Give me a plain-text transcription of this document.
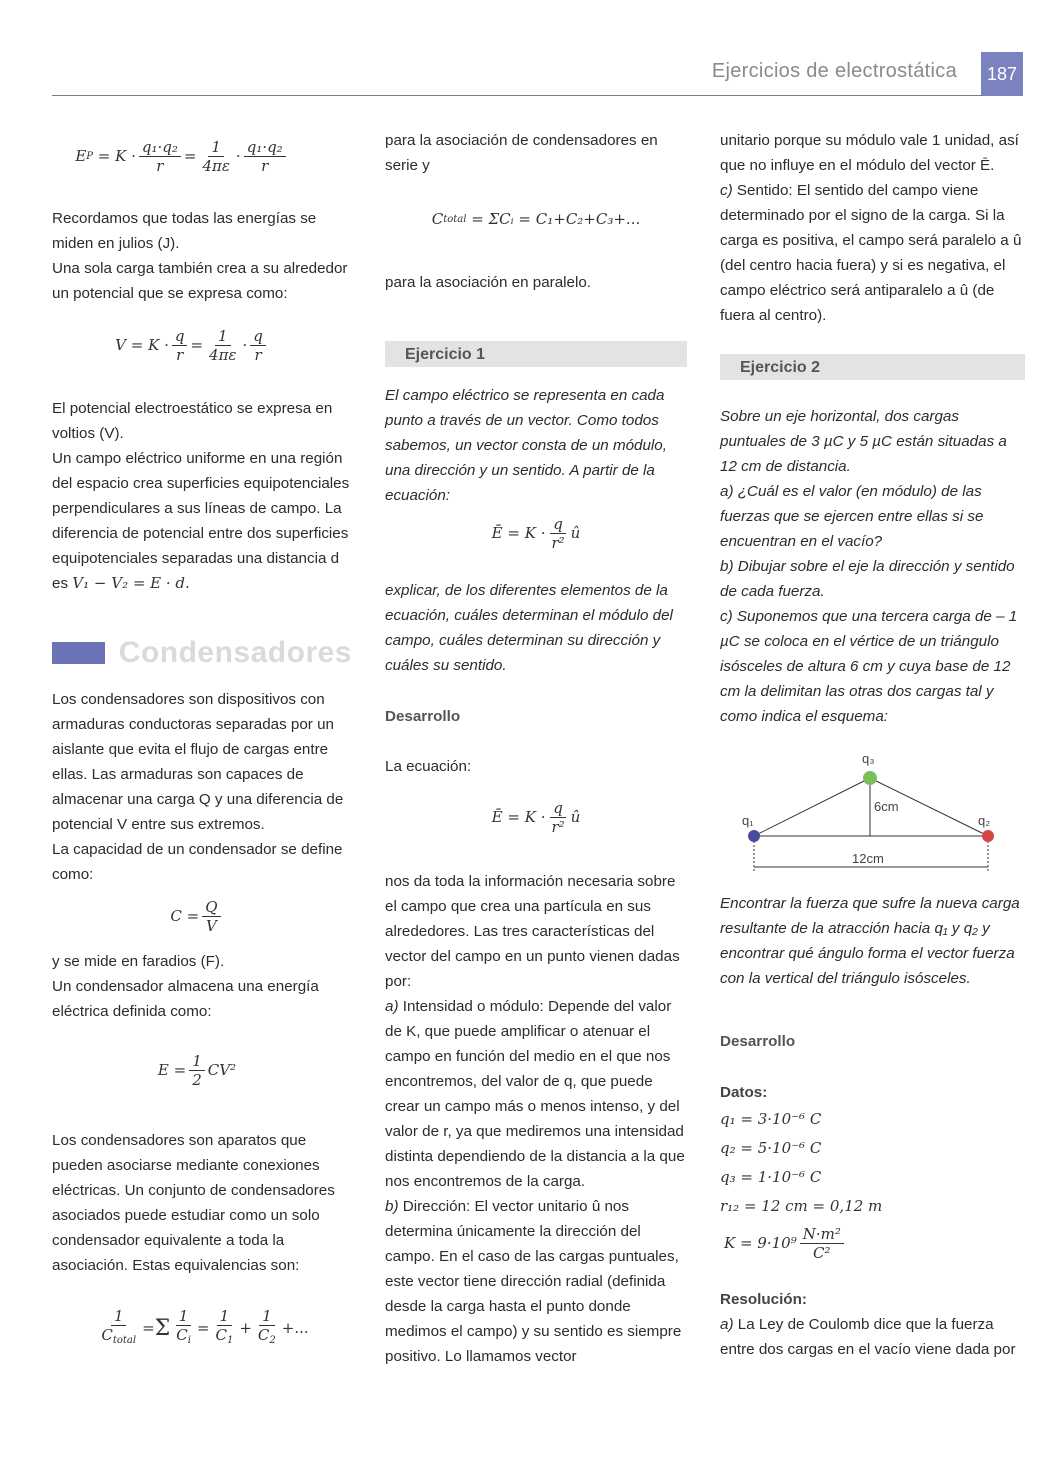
Ejercicios de electrostática	187
E $P = K \cdot \frac{\text{q₁·q₂}}{r} = \frac{1}{4\pi\varepsilon} \cdot \frac{\text{q₁·q₂}}{r}$

Recordamos que todas las energías se miden en julios (J).

Una sola carga también crea a su alrededor un potencial que se expresa como:

$V = K \cdot \frac{q}{r} = \frac{1}{4\pi\varepsilon} \cdot \frac{q}{r}$

El potencial electroestático se expresa en voltios (V).

Un campo eléctrico uniforme en una región del espacio crea superficies equipotenciales perpendiculares a sus líneas de campo. La diferencia de potencial entre dos superficies equipotenciales separadas una distancia d es V₁ − V₂ = E · d.

Condensadores

Los condensadores son dispositivos con armaduras conductoras separadas por un aislante que evita el flujo de cargas entre ellas. Las armaduras son capaces de almacenar una carga Q y una diferencia de potencial V entre sus extremos.

La capacidad de un condensador se define como:

$C = \frac{Q}{V}$

y se mide en faradios (F).

Un condensador almacena una energía eléctrica definida como:

$E = \frac{1}{2} CV^2$

Los condensadores son aparatos que pueden asociarse mediante conexiones eléctricas. Un conjunto de condensadores asociados puede estudiar como un solo condensador equivalente a toda la asociación. Estas equivalencias son:

$\frac{1}{C_{total}} = \Sigma \frac{1}{C_i} = \frac{1}{C_1} + \frac{1}{C_2}$ +...

para la asociación de condensadores en serie y

C total
= ΣCᵢ = C₁+C₂+C₃+...

para la asociación en paralelo.

Ejercicio 1

El campo eléctrico se representa en cada punto a través de un vector. Como todos sabemos, un vector consta de un módulo, una dirección y un sentido. A partir de la ecuación:

Ē = $K \cdot \frac{q}{\text{r²}}$ û

explicar, de los diferentes elementos de la ecuación, cuáles determinan el módulo del campo, cuáles determinan su dirección y cuáles su sentido.

Desarrollo

La ecuación:

Ē = $K \cdot \frac{q}{\text{r²}}$ û

nos da toda la información necesaria sobre el campo que crea una partícula en sus alrededores. Las tres características del vector del campo en un punto vienen dadas por:

a) Intensidad o módulo: Depende del valor de K, que puede amplificar o atenuar el campo en función del medio en el que nos encontremos, del valor de q, que puede crear un campo más o menos intenso, y del valor de r, ya que mediremos una intensidad distinta dependiendo de la distancia a la que nos encontremos de la carga.

b) Dirección: El vector unitario û nos determina únicamente la dirección del campo. En el caso de las cargas puntuales, este vector tiene dirección radial (definida desde la carga hasta el punto donde medimos el campo) y su sentido es siempre positivo. Lo llamamos vector

unitario porque su módulo vale 1 unidad, así que no influye en el módulo del vector Ē.

c) Sentido: El sentido del campo viene determinado por el signo de la carga. Si la carga es positiva, el campo será paralelo a û (del centro hacia fuera) y si es negativa, el campo eléctrico será antiparalelo a û (de fuera al centro).

Ejercicio 2

Sobre un eje horizontal, dos cargas puntuales de 3 µC y 5 µC están situadas a 12 cm de distancia.

a) ¿Cuál es el valor (en módulo) de las fuerzas que se ejercen entre ellas si se encuentran en el vacío?

b) Dibujar sobre el eje la dirección y sentido de cada fuerza.

c) Suponemos que una tercera carga de – 1 µC se coloca en el vértice de un triángulo isósceles de altura 6 cm y cuya base de 12 cm la delimitan las otras dos cargas tal y como indica el esquema:

q₁	q₂
q₃
6cm
12cm

Encontrar la fuerza que sufre la nueva carga resultante de la atracción hacia q₁ y q₂ y encontrar qué ángulo forma el vector fuerza con la vertical del triángulo isósceles.

Desarrollo

Datos:

q₁ = 3·10⁻⁶ C
q₂ = 5·10⁻⁶ C
q₃ = 1·10⁻⁶ C
r₁₂ = 12 cm = 0,12 m
$K = 9\cdot 10^9 \frac{\text{N·m²}}{\text{C²}}$

Resolución:

a) La Ley de Coulomb dice que la fuerza entre dos cargas en el vacío viene dada por
